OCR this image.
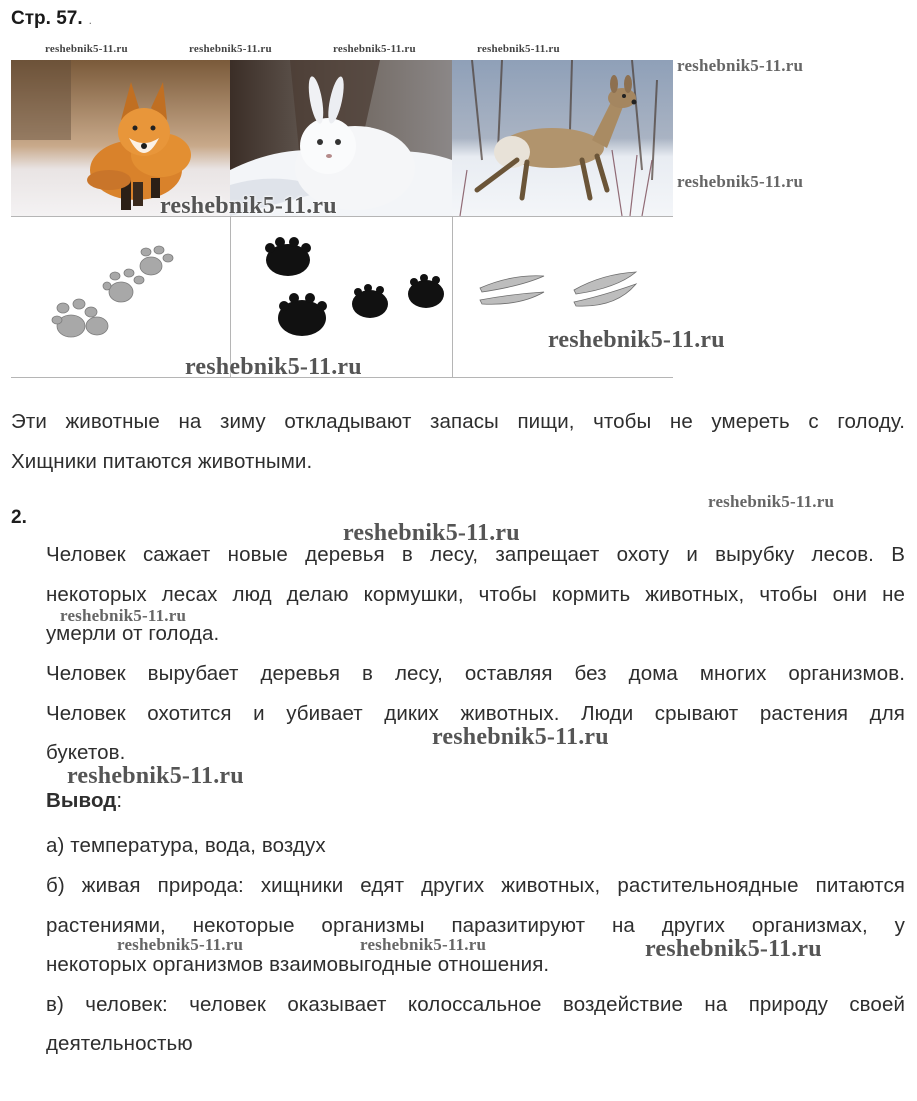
Стр. 57. .
reshebnik5-11.ru	reshebnik5-11.ru	reshebnik5-11.ru	reshebnik5-11.ru
reshebnik5-11.ru
reshebnik5-11.ru
reshebnik5-11.ru
reshebnik5-11.ru
reshebnik5-11.ru
Эти животные на зиму откладывают запасы пищи, чтобы не умереть с голоду.
Хищники питаются животными.
reshebnik5-11.ru
2.
reshebnik5-11.ru
Человек сажает новые деревья в лесу, запрещает охоту и вырубку лесов. В
некоторых лесах люд делаю кормушки, чтобы кормить животных, чтобы они не
reshebnik5-11.ru
умерли от голода.
Человек вырубает деревья в лесу, оставляя без дома многих организмов.
Человек охотится и убивает диких животных. Люди срывают растения для
букетов.
reshebnik5-11.ru
reshebnik5-11.ru
Вывод:
а) температура, вода, воздух
б) живая природа: хищники едят других животных, растительноядные питаются
растениями, некоторые организмы паразитируют на других организмах, у
reshebnik5-11.ru	reshebnik5-11.ru
некоторых организмов взаимовыгодные отношения.
reshebnik5-11.ru
в) человек: человек оказывает колоссальное воздействие на природу своей
деятельностью
